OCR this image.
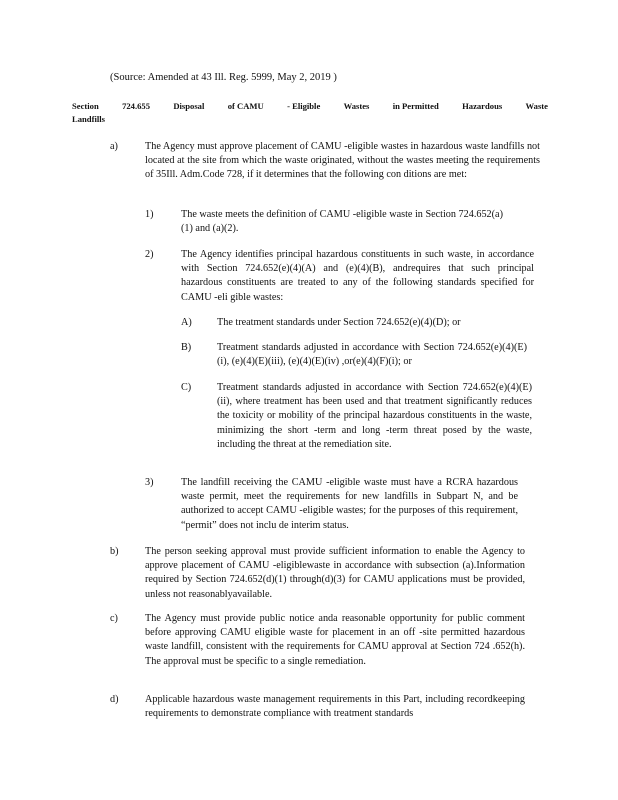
(Source: Amended at 43 Ill. Reg. 5999, May 2, 2019 )
Section	724.655	Disposal	of CAMU	- Eligible	Wastes	in Permitted	Hazardous	Waste
Landfills
a)	The Agency must approve placement of CAMU -eligible wastes in hazardous waste landfills not located at the site from which the waste originated, without the wastes meeting the requirements of 35Ill. Adm.Code 728, if it determines that the following con ditions are met:
1)	The waste meets the definition of CAMU -eligible waste in Section 724.652(a)(1) and (a)(2).
2)	The Agency identifies principal hazardous constituents in such waste, in accordance with Section 724.652(e)(4)(A) and (e)(4)(B), andrequires that such principal hazardous constituents are treated to any of the following standards specified for CAMU -eli gible wastes:
A) The treatment standards under Section 724.652(e)(4)(D); or
B)	Treatment standards adjusted in accordance with Section 724.652(e)(4)(E)(i), (e)(4)(E)(iii), (e)(4)(E)(iv) ,or(e)(4)(F)(i); or
C)	Treatment standards adjusted in accordance with Section 724.652(e)(4)(E)(ii), where treatment has been used and that treatment significantly reduces the toxicity or mobility of the principal hazardous constituents in the waste, minimizing the short -term and long -term threat posed by the waste, including the threat at the remediation site.
3)	The landfill receiving the CAMU -eligible waste must have a RCRA hazardous waste permit, meet the requirements for new landfills in Subpart N, and be authorized to accept CAMU -eligible wastes; for the purposes of this requirement, “permit” does not inclu de interim status.
b)	The person seeking approval must provide sufficient information to enable the Agency to approve placement of CAMU -eligiblewaste in accordance with subsection (a).Information required by Section 724.652(d)(1) through(d)(3) for CAMU applications must be provided, unless not reasonablyavailable.
c)	The Agency must provide public notice anda reasonable opportunity for public comment before approving CAMU eligible waste for placement in an off -site permitted hazardous waste landfill, consistent with the requirements for CAMU approval at Section 724 .652(h). The approval must be specific to a single remediation.
d)	Applicable hazardous waste management requirements in this Part, including recordkeeping requirements to demonstrate compliance with treatment standards
